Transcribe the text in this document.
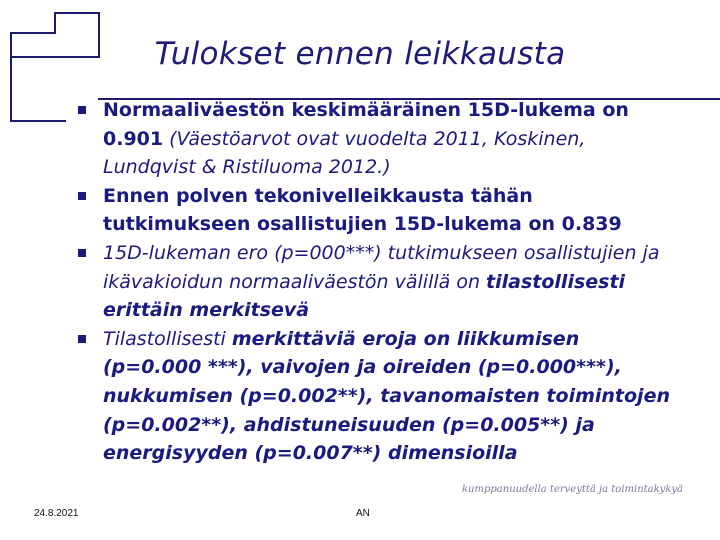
Tulokset ennen leikkausta
Normaaliväestön keskimääräinen 15D-lukema on 0.901 (Väestöarvot ovat vuodelta 2011, Koskinen, Lundqvist & Ristiluoma 2012.)
Ennen polven tekonivelleikkausta tähän tutkimukseen osallistujien 15D-lukema on 0.839
15D-lukeman ero (p=000***) tutkimukseen osallistujien ja ikävakioidun normaaliväestön välillä on tilastollisesti erittäin merkitsevä
Tilastollisesti merkittäviä eroja on liikkumisen (p=0.000 ***), vaivojen ja oireiden (p=0.000***), nukkumisen (p=0.002**), tavanomaisten toimintojen (p=0.002**), ahdistuneisuuden (p=0.005**) ja energisyyden (p=0.007**) dimensioilla
kumppanuudella terveyttä ja toimintakykyä
24.8.2021	AN
